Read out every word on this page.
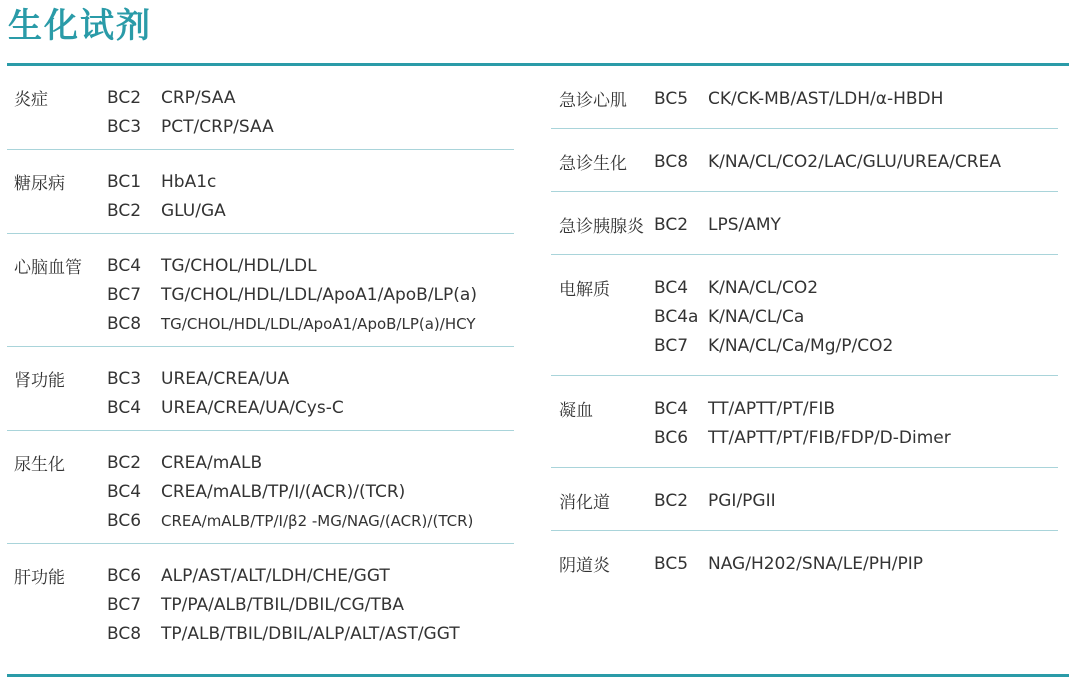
生化试剂
炎症	BC2	CRP/SAA
BC3	PCT/CRP/SAA
糖尿病	BC1	HbA1c
BC2	GLU/GA
心脑血管	BC4	TG/CHOL/HDL/LDL
BC7	TG/CHOL/HDL/LDL/ApoA1/ApoB/LP(a)
BC8	TG/CHOL/HDL/LDL/ApoA1/ApoB/LP(a)/HCY
肾功能	BC3	UREA/CREA/UA
BC4	UREA/CREA/UA/Cys-C
尿生化	BC2	CREA/mALB
BC4	CREA/mALB/TP/I/(ACR)/(TCR)
BC6	CREA/mALB/TP/I/β2 -MG/NAG/(ACR)/(TCR)
肝功能	BC6	ALP/AST/ALT/LDH/CHE/GGT
BC7	TP/PA/ALB/TBIL/DBIL/CG/TBA
BC8	TP/ALB/TBIL/DBIL/ALP/ALT/AST/GGT
急诊心肌	BC5	CK/CK-MB/AST/LDH/α-HBDH
急诊生化	BC8	K/NA/CL/CO2/LAC/GLU/UREA/CREA
急诊胰腺炎 BC2	LPS/AMY
电解质	BC4	K/NA/CL/CO2
BC4a K/NA/CL/Ca
BC7	K/NA/CL/Ca/Mg/P/CO2
凝血	BC4	TT/APTT/PT/FIB
BC6	TT/APTT/PT/FIB/FDP/D-Dimer
消化道	BC2	PGI/PGII
阴道炎	BC5	NAG/H202/SNA/LE/PH/PIP
